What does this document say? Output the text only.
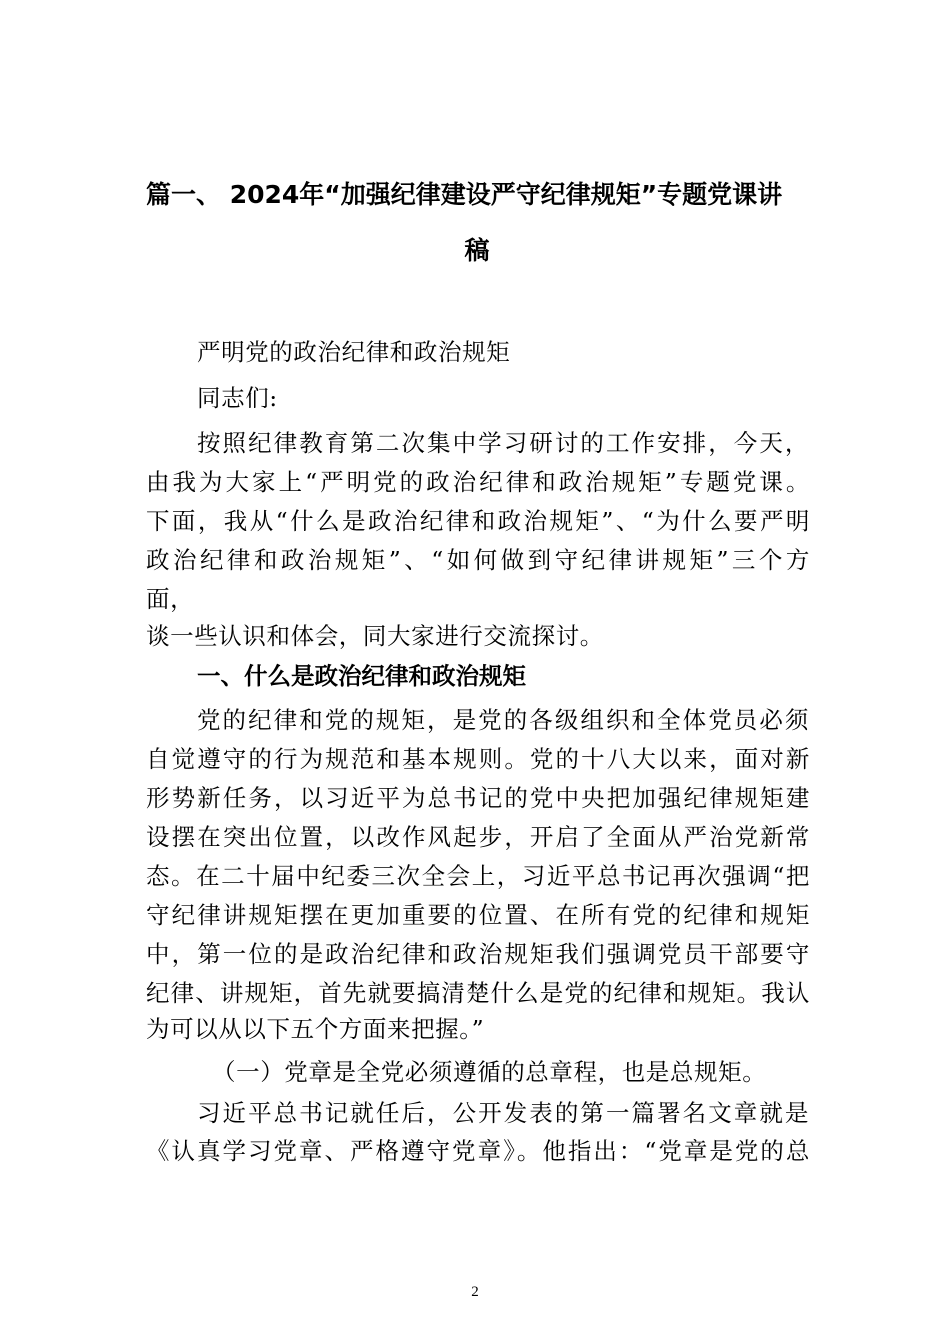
篇一、 2024年“加强纪律建设严守纪律规矩”专题党课讲
稿
严明党的政治纪律和政治规矩
同志们:
按照纪律教育第二次集中学习研讨的工作安排，今天，
由我为大家上“严明党的政治纪律和政治规矩”专题党课。
下面，我从“什么是政治纪律和政治规矩”、“为什么要严明
政治纪律和政治规矩”、“如何做到守纪律讲规矩”三个方
面，
谈一些认识和体会，同大家进行交流探讨。
一、什么是政治纪律和政治规矩
党的纪律和党的规矩，是党的各级组织和全体党员必须
自觉遵守的行为规范和基本规则。党的十八大以来，面对新
形势新任务，以习近平为总书记的党中央把加强纪律规矩建
设摆在突出位置，以改作风起步，开启了全面从严治党新常
态。在二十届中纪委三次全会上，习近平总书记再次强调“把
守纪律讲规矩摆在更加重要的位置、在所有党的纪律和规矩
中，第一位的是政治纪律和政治规矩我们强调党员干部要守
纪律、讲规矩，首先就要搞清楚什么是党的纪律和规矩。我认
为可以从以下五个方面来把握。”
（一）党章是全党必须遵循的总章程，也是总规矩。
习近平总书记就任后，公开发表的第一篇署名文章就是
《认真学习党章、严格遵守党章》。他指出：“党章是党的总
2
